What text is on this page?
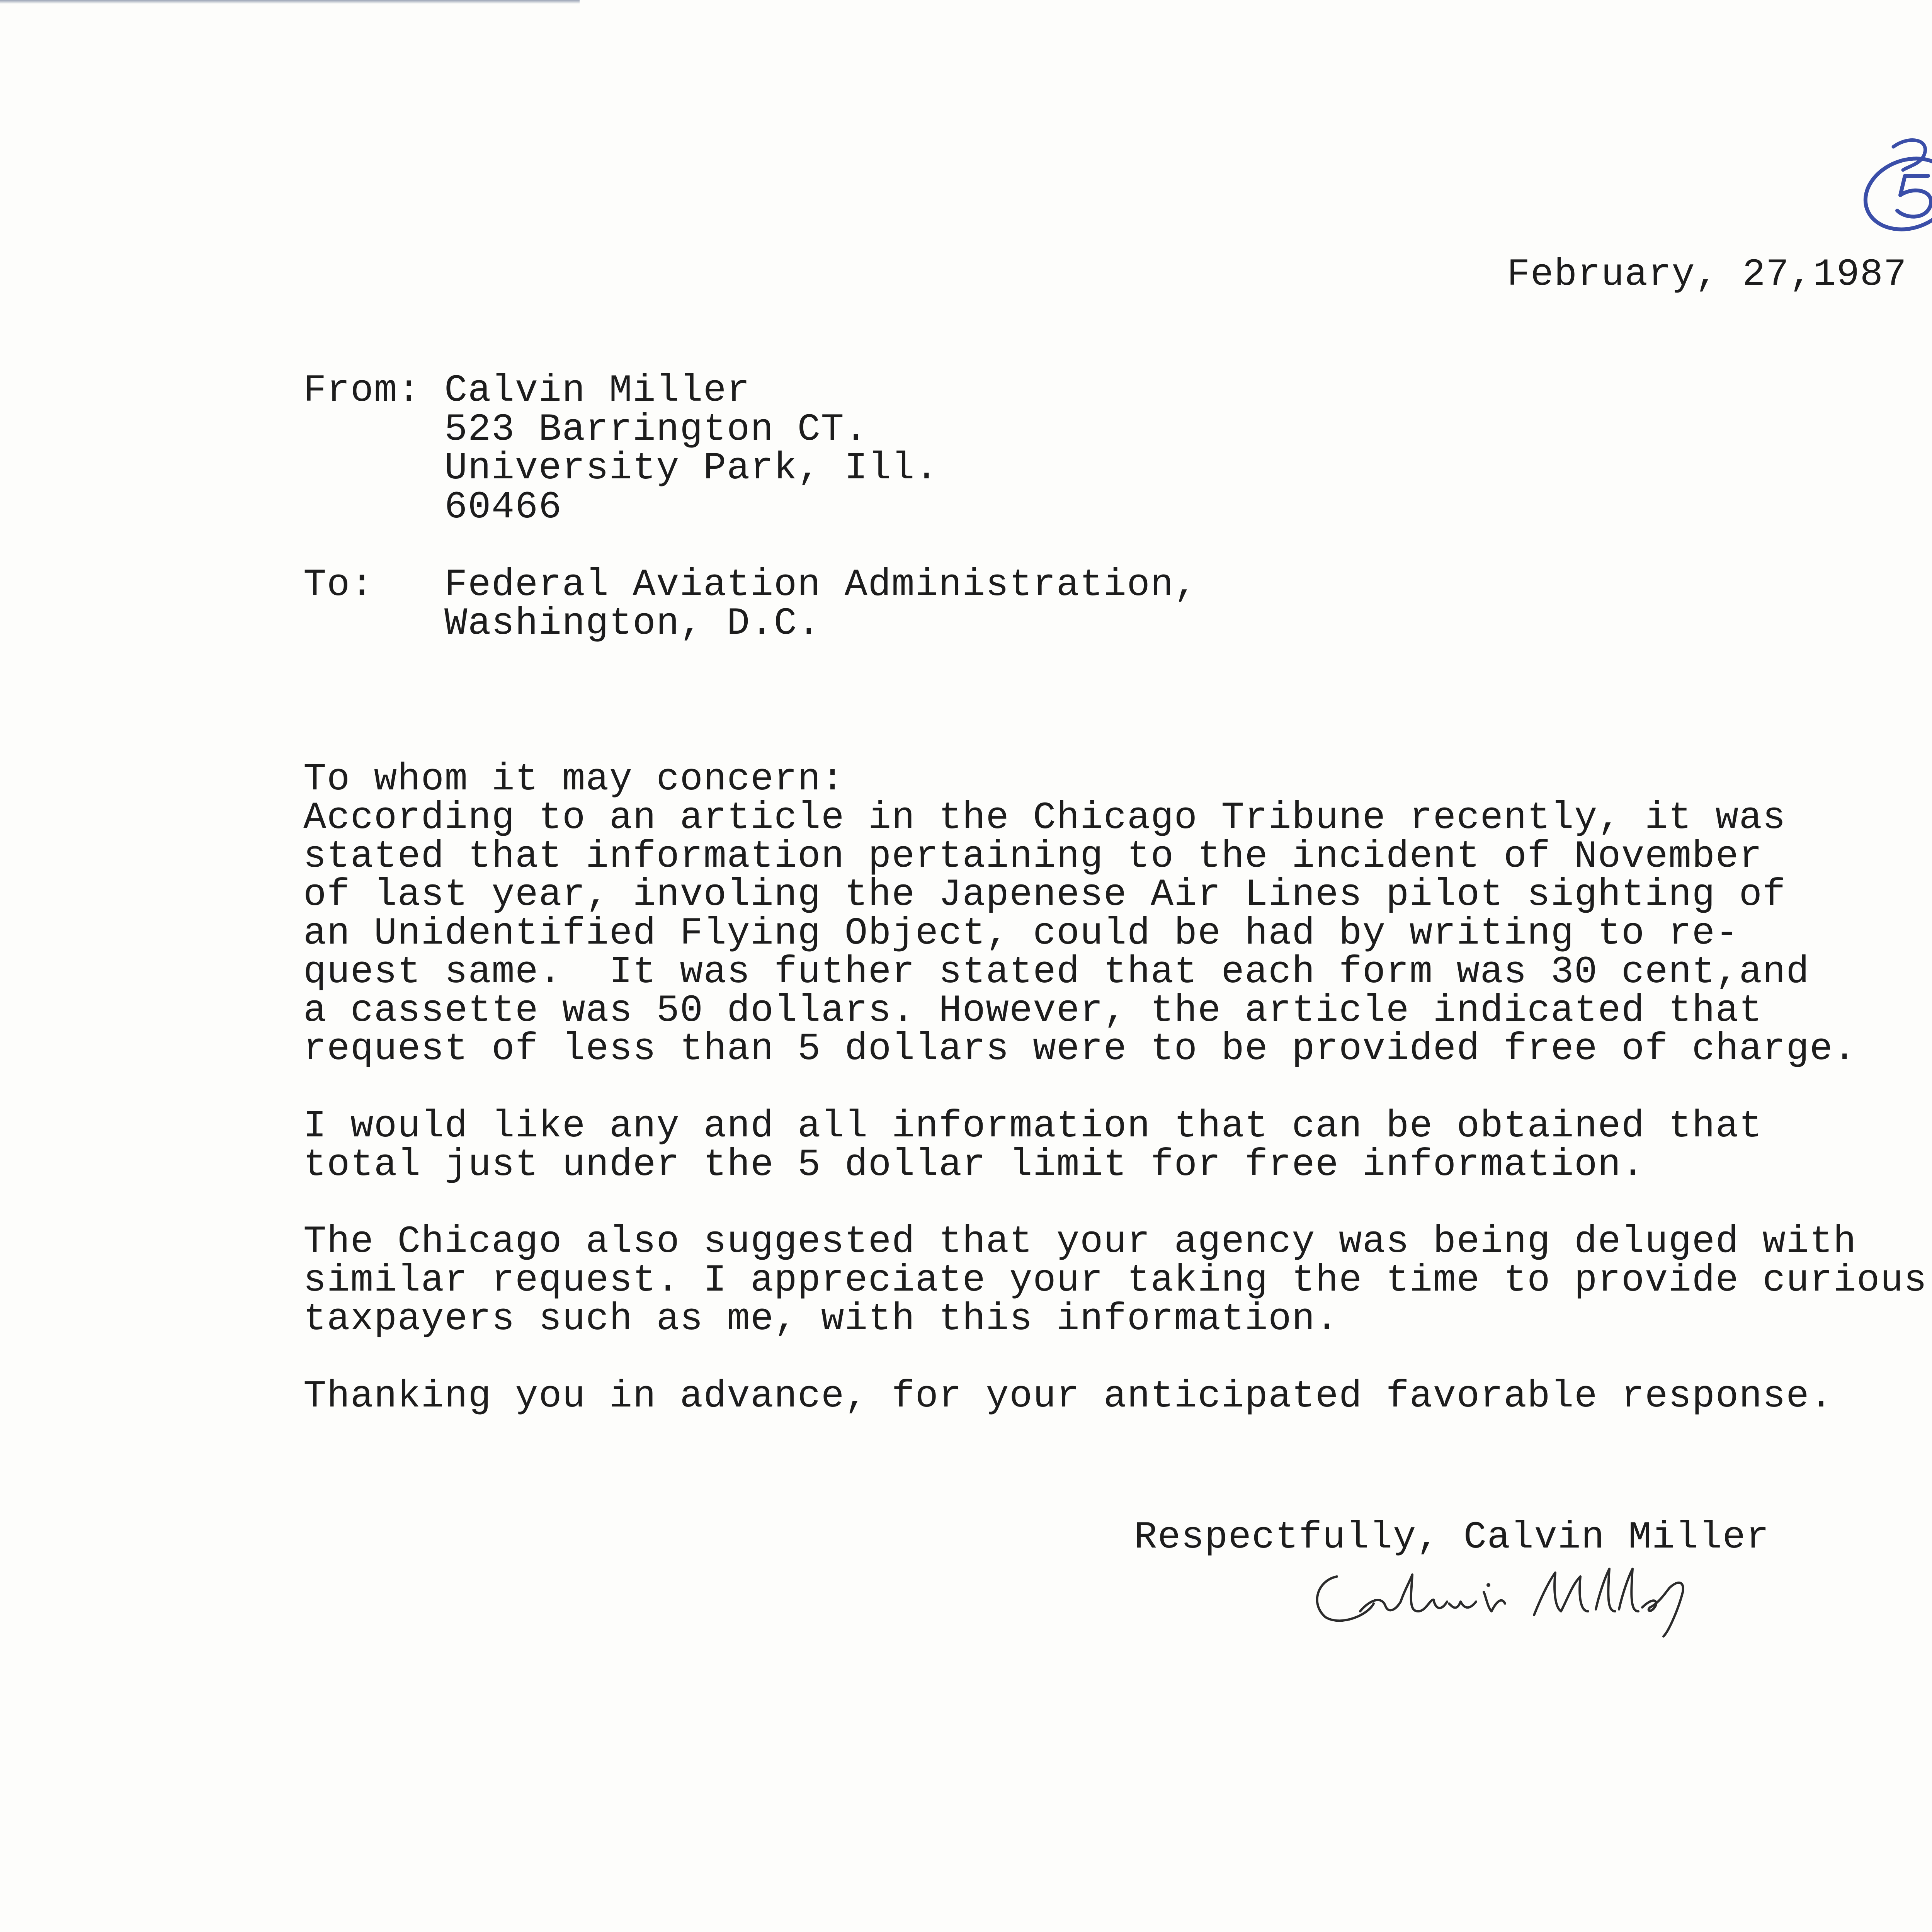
February, 27,1987
From: Calvin Miller
523 Barrington CT.
University Park, Ill.
60466
To: Federal Aviation Administration,
Washington, D.C.
To whom it may concern:
According to an article in the Chicago Tribune recently, it was
stated that information pertaining to the incident of November
of last year, involing the Japenese Air Lines pilot sighting of
an Unidentified Flying Object, could be had by writing to re-
quest same.  It was futher stated that each form was 30 cent,and
a cassette was 50 dollars. However, the article indicated that
request of less than 5 dollars were to be provided free of charge.
I would like any and all information that can be obtained that
total just under the 5 dollar limit for free information.
The Chicago also suggested that your agency was being deluged with
similar request. I appreciate your taking the time to provide curious
taxpayers such as me, with this information.
Thanking you in advance, for your anticipated favorable response.
Respectfully, Calvin Miller
